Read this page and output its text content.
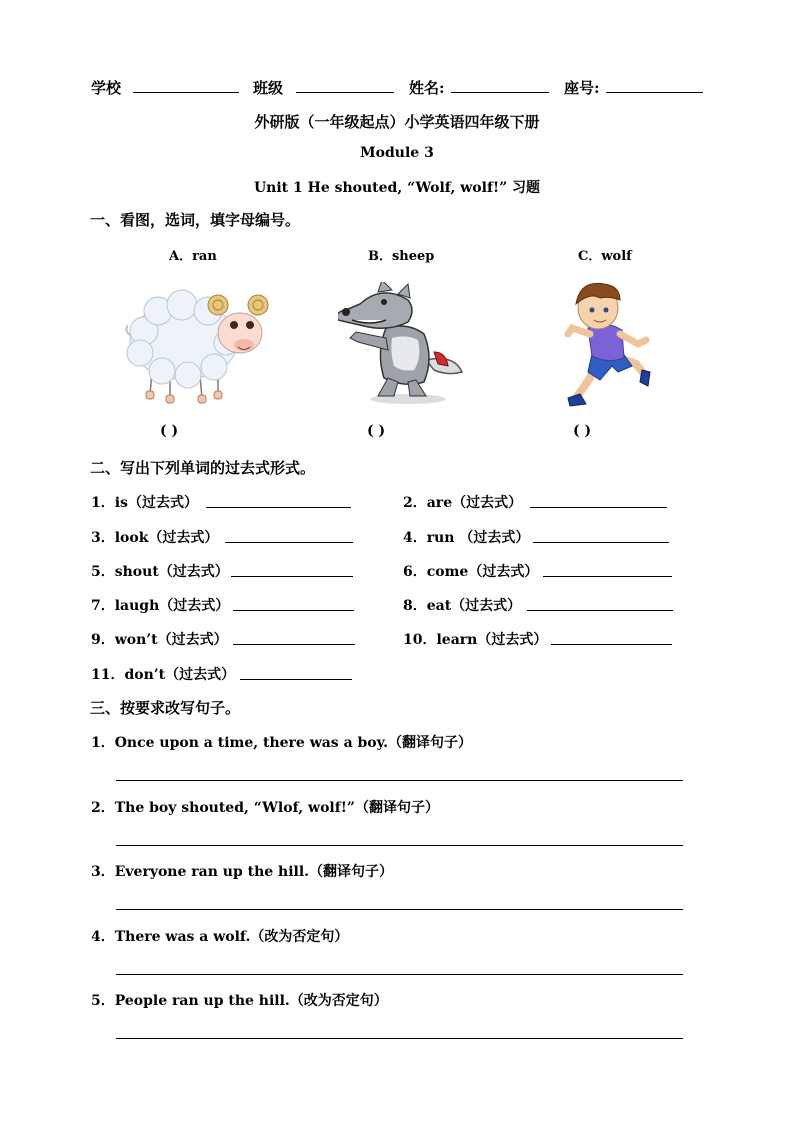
学校	班级	姓名:	座号:
外研版（一年级起点）小学英语四年级下册
Module 3
Unit 1 He shouted, “Wolf, wolf!” 习题
一、看图，选词，填字母编号。
A．ran	B．sheep	C．wolf
( )	( )	( )
二、写出下列单词的过去式形式。
1．is（过去式）	2．are（过去式）
3．look（过去式）	4．run （过去式）
5．shout（过去式）	6．come（过去式）
7．laugh（过去式）	8．eat（过去式）
9．won’t（过去式）	10．learn（过去式）
11．don’t（过去式）
三、按要求改写句子。
1．Once upon a time, there was a boy.（翻译句子）
2．The boy shouted, “Wlof, wolf!”（翻译句子）
3．Everyone ran up the hill.（翻译句子）
4．There was a wolf.（改为否定句）
5．People ran up the hill.（改为否定句）
